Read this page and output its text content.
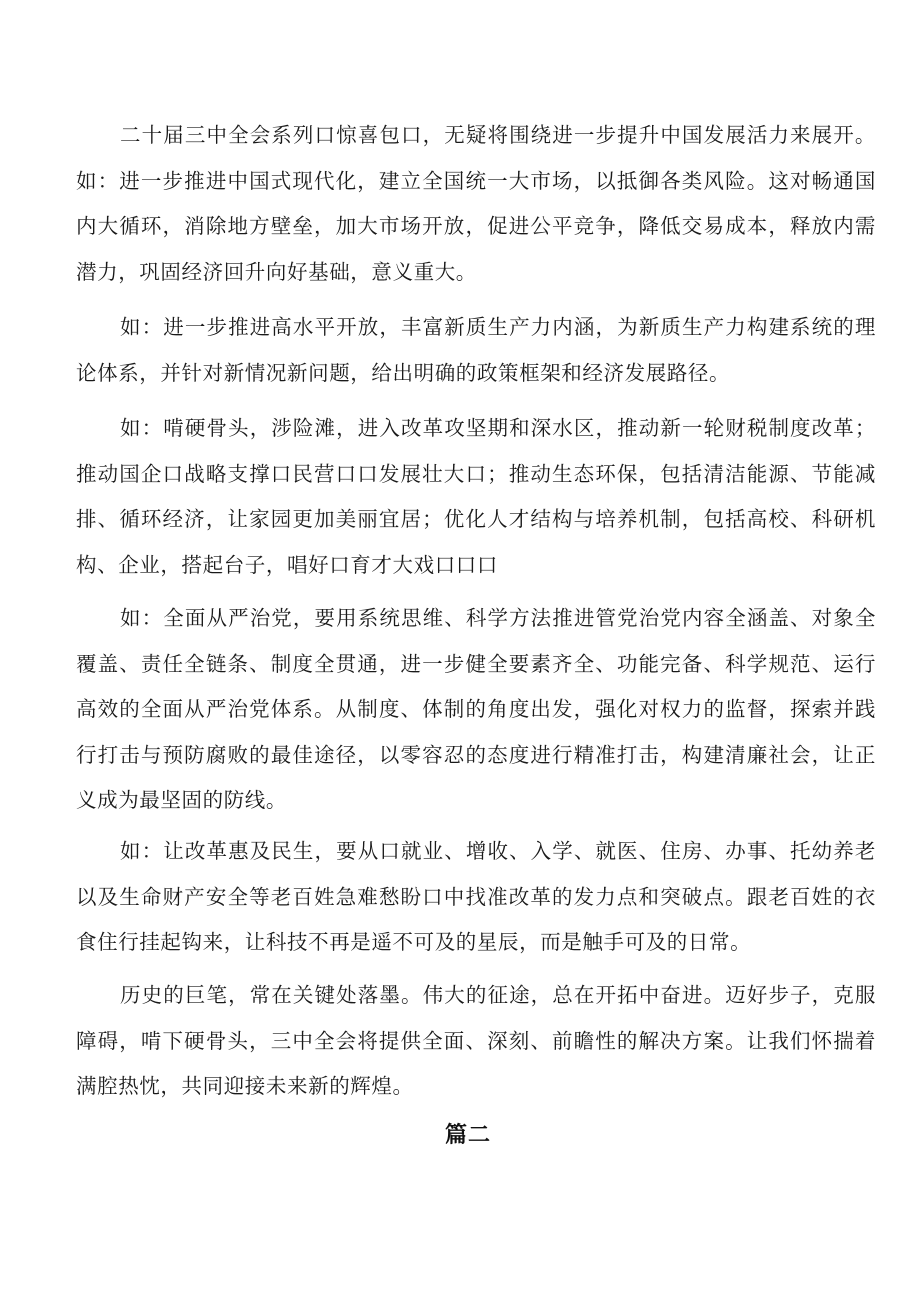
二十届三中全会系列口惊喜包口，无疑将围绕进一步提升中国发展活力来展开。如：进一步推进中国式现代化，建立全国统一大市场，以抵御各类风险。这对畅通国内大循环，消除地方壁垒，加大市场开放，促进公平竞争，降低交易成本，释放内需潜力，巩固经济回升向好基础，意义重大。

如：进一步推进高水平开放，丰富新质生产力内涵，为新质生产力构建系统的理论体系，并针对新情况新问题，给出明确的政策框架和经济发展路径。

如：啃硬骨头，涉险滩，进入改革攻坚期和深水区，推动新一轮财税制度改革；推动国企口战略支撑口民营口口发展壮大口；推动生态环保，包括清洁能源、节能减排、循环经济，让家园更加美丽宜居；优化人才结构与培养机制，包括高校、科研机构、企业，搭起台子，唱好口育才大戏口口口

如：全面从严治党，要用系统思维、科学方法推进管党治党内容全涵盖、对象全覆盖、责任全链条、制度全贯通，进一步健全要素齐全、功能完备、科学规范、运行高效的全面从严治党体系。从制度、体制的角度出发，强化对权力的监督，探索并践行打击与预防腐败的最佳途径，以零容忍的态度进行精准打击，构建清廉社会，让正义成为最坚固的防线。

如：让改革惠及民生，要从口就业、增收、入学、就医、住房、办事、托幼养老以及生命财产安全等老百姓急难愁盼口中找准改革的发力点和突破点。跟老百姓的衣食住行挂起钩来，让科技不再是遥不可及的星辰，而是触手可及的日常。

历史的巨笔，常在关键处落墨。伟大的征途，总在开拓中奋进。迈好步子，克服障碍，啃下硬骨头，三中全会将提供全面、深刻、前瞻性的解决方案。让我们怀揣着满腔热忱，共同迎接未来新的辉煌。

篇二
